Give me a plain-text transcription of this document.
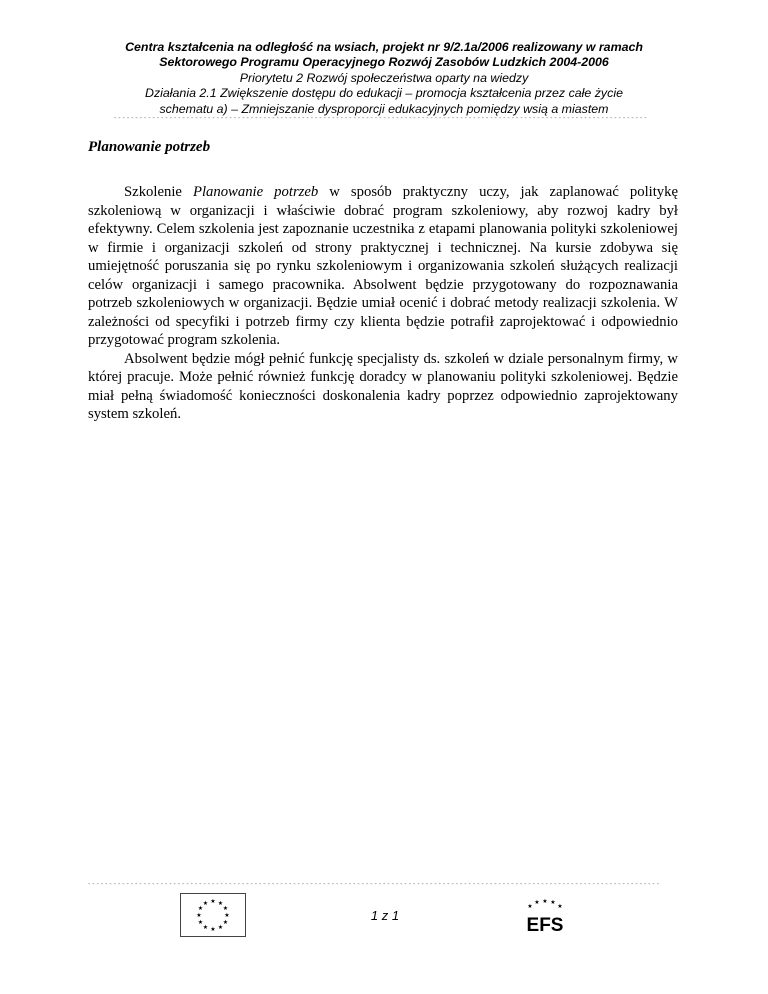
Centra kształcenia na odległość na wsiach, projekt nr 9/2.1a/2006 realizowany w ramach
Sektorowego Programu Operacyjnego Rozwój Zasobów Ludzkich 2004-2006
Priorytetu 2 Rozwój społeczeństwa oparty na wiedzy
Działania 2.1 Zwiększenie dostępu do edukacji – promocja kształcenia przez całe życie
schematu a) – Zmniejszanie dysproporcji edukacyjnych pomiędzy wsią a miastem
- - - - - - - - - - - - - - - - - - - - - - - - - - - - - - - - - - - - - - - - - - - - - - - - - - - - - - - - - - - - - - - - - - - - - - - - - - - - - - - - - - - - - - - - - - - - - - - - - - - - - - - - - - - - - - - - - - - - - - - - - - - - -
Planowanie potrzeb

Szkolenie Planowanie potrzeb w sposób praktyczny uczy, jak zaplanować politykę szkoleniową w organizacji i właściwie dobrać program szkoleniowy, aby rozwoj kadry był efektywny. Celem szkolenia jest zapoznanie uczestnika z etapami planowania polityki szkoleniowej w firmie i organizacji szkoleń od strony praktycznej i technicznej. Na kursie zdobywa się umiejętność poruszania się po rynku szkoleniowym i organizowania szkoleń służących realizacji celów organizacji i samego pracownika. Absolwent będzie przygotowany do rozpoznawania potrzeb szkoleniowych w organizacji. Będzie umiał ocenić i dobrać metody realizacji szkolenia. W zależności od specyfiki i potrzeb firmy czy klienta będzie potrafił zaprojektować i odpowiednio przygotować program szkolenia.

Absolwent będzie mógł pełnić funkcję specjalisty ds. szkoleń w dziale personalnym firmy, w której pracuje. Może pełnić również funkcję doradcy w planowaniu polityki szkoleniowej. Będzie miał pełną świadomość konieczności doskonalenia kadry poprzez odpowiednio zaprojektowany system szkoleń.

- - - - - - - - - - - - - - - - - - - - - - - - - - - - - - - - - - - - - - - - - - - - - - - - - - - - - - - - - - - - - - - - - - - - - - - - - - - - - - - - - - - - - - - - - - - - - - - - - - - - - - - - - - - - - - - - - - - - - - - - - - - - - - - - - - - - - -
★ ★
★
★
★
★
★
★
★
★
★
★
1 z 1
★
★ ★
★	★
EFS
